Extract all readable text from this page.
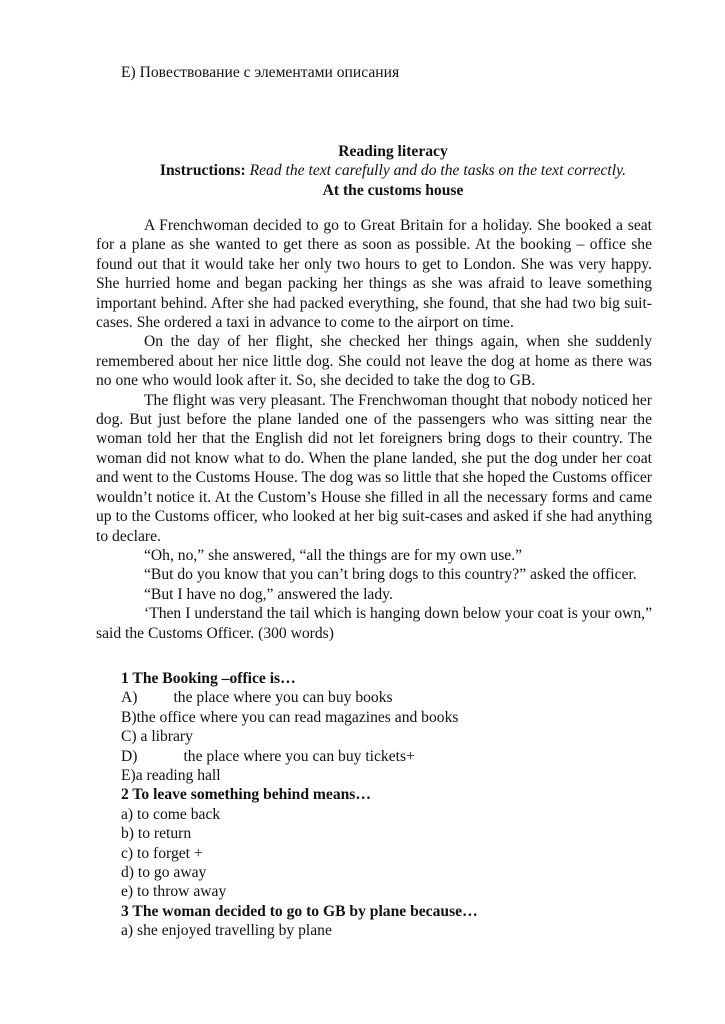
E) Повествование с элементами описания
Reading literacy
Instructions: Read the text carefully and do the tasks on the text correctly.
At the customs house

A Frenchwoman decided to go to Great Britain for a holiday. She booked a seat for a plane as she wanted to get there as soon as possible. At the booking – office she found out that it would take her only two hours to get to London. She was very happy. She hurried home and began packing her things as she was afraid to leave something important behind. After she had packed everything, she found, that she had two big suit-cases. She ordered a taxi in advance to come to the airport on time.

On the day of her flight, she checked her things again, when she suddenly remembered about her nice little dog. She could not leave the dog at home as there was no one who would look after it. So, she decided to take the dog to GB.

The flight was very pleasant. The Frenchwoman thought that nobody noticed her dog. But just before the plane landed one of the passengers who was sitting near the woman told her that the English did not let foreigners bring dogs to their country. The woman did not know what to do. When the plane landed, she put the dog under her coat and went to the Customs House. The dog was so little that she hoped the Customs officer wouldn’t notice it. At the Custom’s House she filled in all the necessary forms and came up to the Customs officer, who looked at her big suit-cases and asked if she had anything to declare.

“Oh, no,” she answered, “all the things are for my own use.”

“But do you know that you can’t bring dogs to this country?” asked the officer.

“But I have no dog,” answered the lady.

‘Then I understand the tail which is hanging down below your coat is your own,” said the Customs Officer. (300 words)

1 The Booking –office is…
A) the place where you can buy books
B)the office where you can read magazines and books
C) a library
D)	the place where you can buy tickets+
E)a reading hall
2 To leave something behind means…
a) to come back
b) to return
c) to forget +
d) to go away
e) to throw away
3 The woman decided to go to GB by plane because…
a) she enjoyed travelling by plane
